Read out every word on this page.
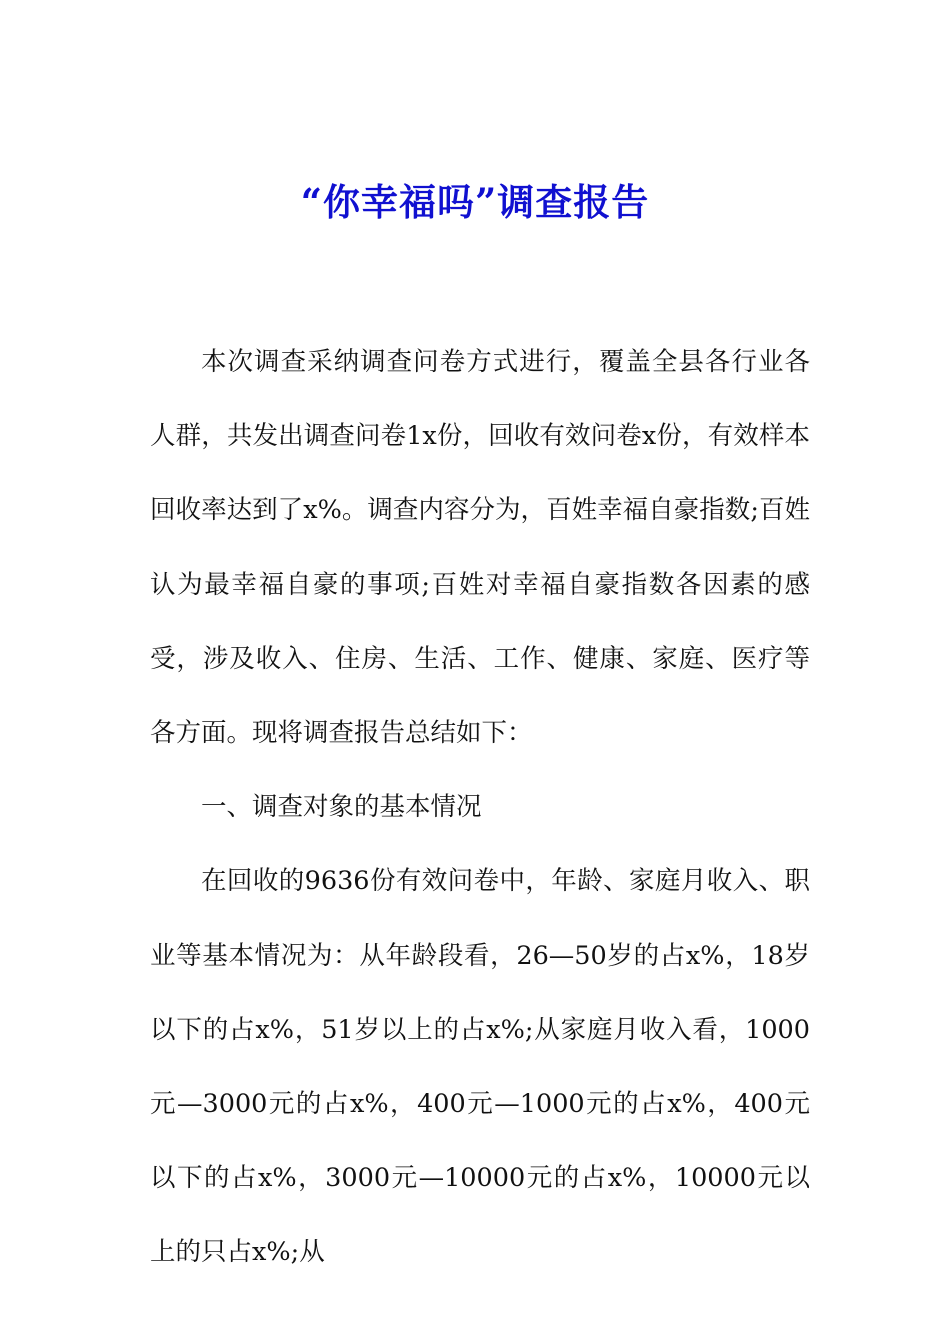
“你幸福吗”调查报告

本次调查采纳调查问卷方式进行，覆盖全县各行业各人群，共发出调查问卷1x份，回收有效问卷x份，有效样本回收率达到了x%。调查内容分为，百姓幸福自豪指数;百姓认为最幸福自豪的事项;百姓对幸福自豪指数各因素的感受，涉及收入、住房、生活、工作、健康、家庭、医疗等各方面。现将调查报告总结如下：

一、调查对象的基本情况

在回收的9636份有效问卷中，年龄、家庭月收入、职业等基本情况为：从年龄段看，26—50岁的占x%，18岁以下的占x%，51岁以上的占x%;从家庭月收入看，1000元—3000元的占x%，400元—1000元的占x%，400元以下的占x%，3000元—10000元的占x%，10000元以上的只占x%;从
